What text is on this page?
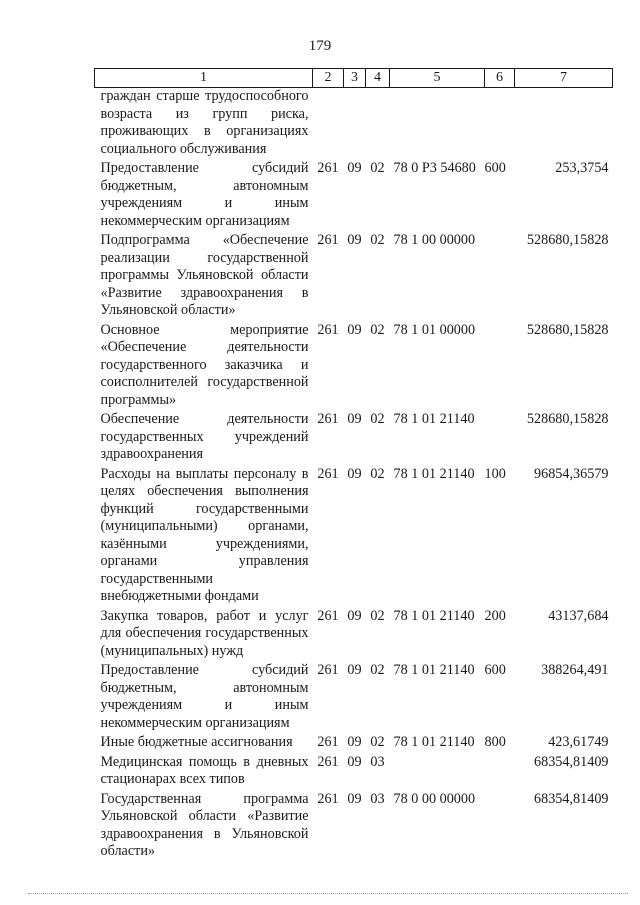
179
1	2	3	4	5	6	7
граждан старше трудоспособного возраста из групп риска, проживающих в организациях социального обслуживания						
Предоставление субсидий бюджетным, автономным учреждениям и иным некоммерческим организациям	261	09	02	78 0 Р3 54680	600	253,3754
Подпрограмма «Обеспечение реализации государственной программы Ульяновской области «Развитие здравоохранения в Ульяновской области»	261	09	02	78 1 00 00000		528680,15828
Основное мероприятие «Обеспечение деятельности государственного заказчика и соисполнителей государственной программы»	261	09	02	78 1 01 00000		528680,15828
Обеспечение деятельности государственных учреждений здравоохранения	261	09	02	78 1 01 21140		528680,15828
Расходы на выплаты персоналу в целях обеспечения выполнения функций государственными (муниципальными) органами, казёнными учреждениями, органами управления государственными внебюджетными фондами	261	09	02	78 1 01 21140	100	96854,36579
Закупка товаров, работ и услуг для обеспечения государственных (муниципальных) нужд	261	09	02	78 1 01 21140	200	43137,684
Предоставление субсидий бюджетным, автономным учреждениям и иным некоммерческим организациям	261	09	02	78 1 01 21140	600	388264,491
Иные бюджетные ассигнования	261	09	02	78 1 01 21140	800	423,61749
Медицинская помощь в дневных стационарах всех типов	261	09	03			68354,81409
Государственная программа Ульяновской области «Развитие здравоохранения в Ульяновской области»	261	09	03	78 0 00 00000		68354,81409
